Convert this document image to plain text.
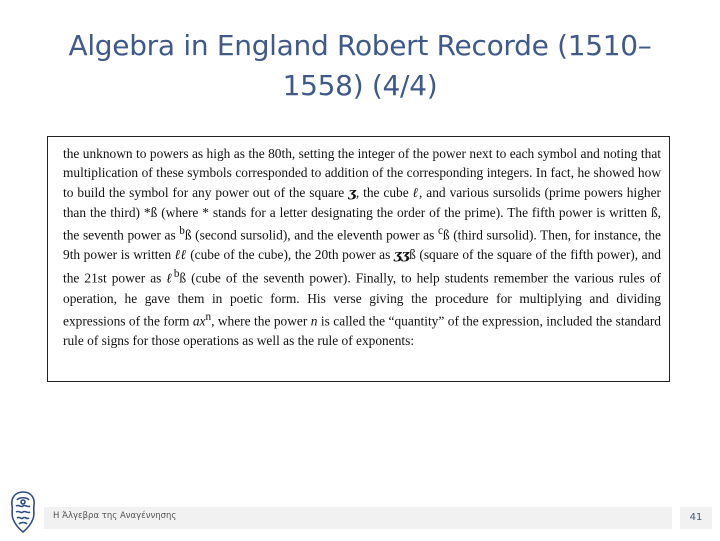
Algebra in England Robert Recorde (1510–
1558) (4/4)
the unknown to powers as high as the 80th, setting the integer of the power next to each symbol and noting that multiplication of these symbols corresponded to addition of the corresponding integers. In fact, he showed how to build the symbol for any power out of the square ʒ, the cube ℓ, and various sursolids (prime powers higher than the third) *ß (where * stands for a letter designating the order of the prime). The fifth power is written ß, the seventh power as $^b$ß (second sursolid), and the eleventh power as $^c$ß (third sursolid). Then, for instance, the 9th power is written ℓℓ (cube of the cube), the 20th power as ʒʒß (square of the square of the fifth power), and the 21st power as ℓ$^b$ß (cube of the seventh power). Finally, to help students remember the various rules of operation, he gave them in poetic form. His verse giving the procedure for multiplying and dividing expressions of the form $ax^n$, where the power n is called the “quantity” of the expression, included the standard rule of signs for those operations as well as the rule of exponents:
Η Άλγεβρα της Αναγέννησης	41
